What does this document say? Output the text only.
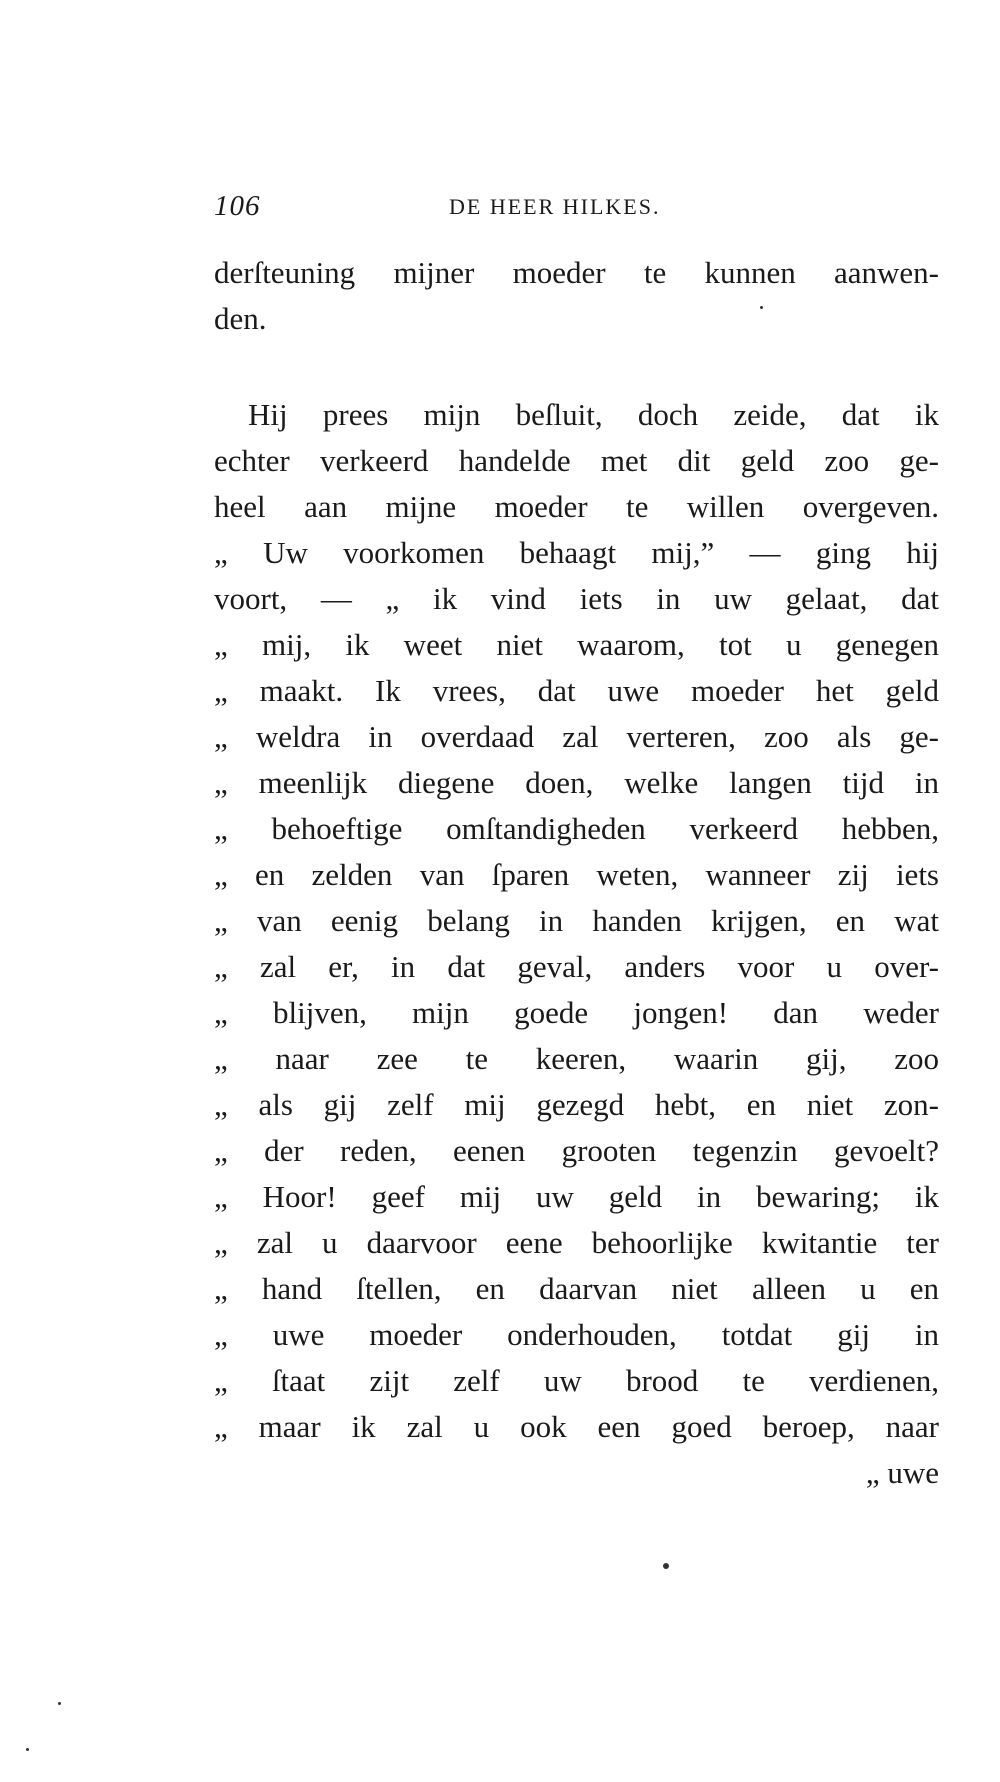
106	DE HEER HILKES.
derſteuning mijner moeder te kunnen aanwen-
den.
Hij prees mijn beſluit, doch zeide, dat ik
echter verkeerd handelde met dit geld zoo ge-
heel aan mijne moeder te willen overgeven.
„ Uw voorkomen behaagt mij,” — ging hij
voort, — „ ik vind iets in uw gelaat, dat
„ mij, ik weet niet waarom, tot u genegen
„ maakt. Ik vrees, dat uwe moeder het geld
„ weldra in overdaad zal verteren, zoo als ge-
„ meenlijk diegene doen, welke langen tijd in
„ behoeftige omſtandigheden verkeerd hebben,
„ en zelden van ſparen weten, wanneer zij iets
„ van eenig belang in handen krijgen, en wat
„ zal er, in dat geval, anders voor u over-
„ blijven, mijn goede jongen! dan weder
„ naar zee te keeren, waarin gij, zoo
„ als gij zelf mij gezegd hebt, en niet zon-
„ der reden, eenen grooten tegenzin gevoelt?
„ Hoor! geef mij uw geld in bewaring; ik
„ zal u daarvoor eene behoorlijke kwitantie ter
„ hand ſtellen, en daarvan niet alleen u en
„ uwe moeder onderhouden, totdat gij in
„ ſtaat zijt zelf uw brood te verdienen,
„ maar ik zal u ook een goed beroep, naar
„ uwe
